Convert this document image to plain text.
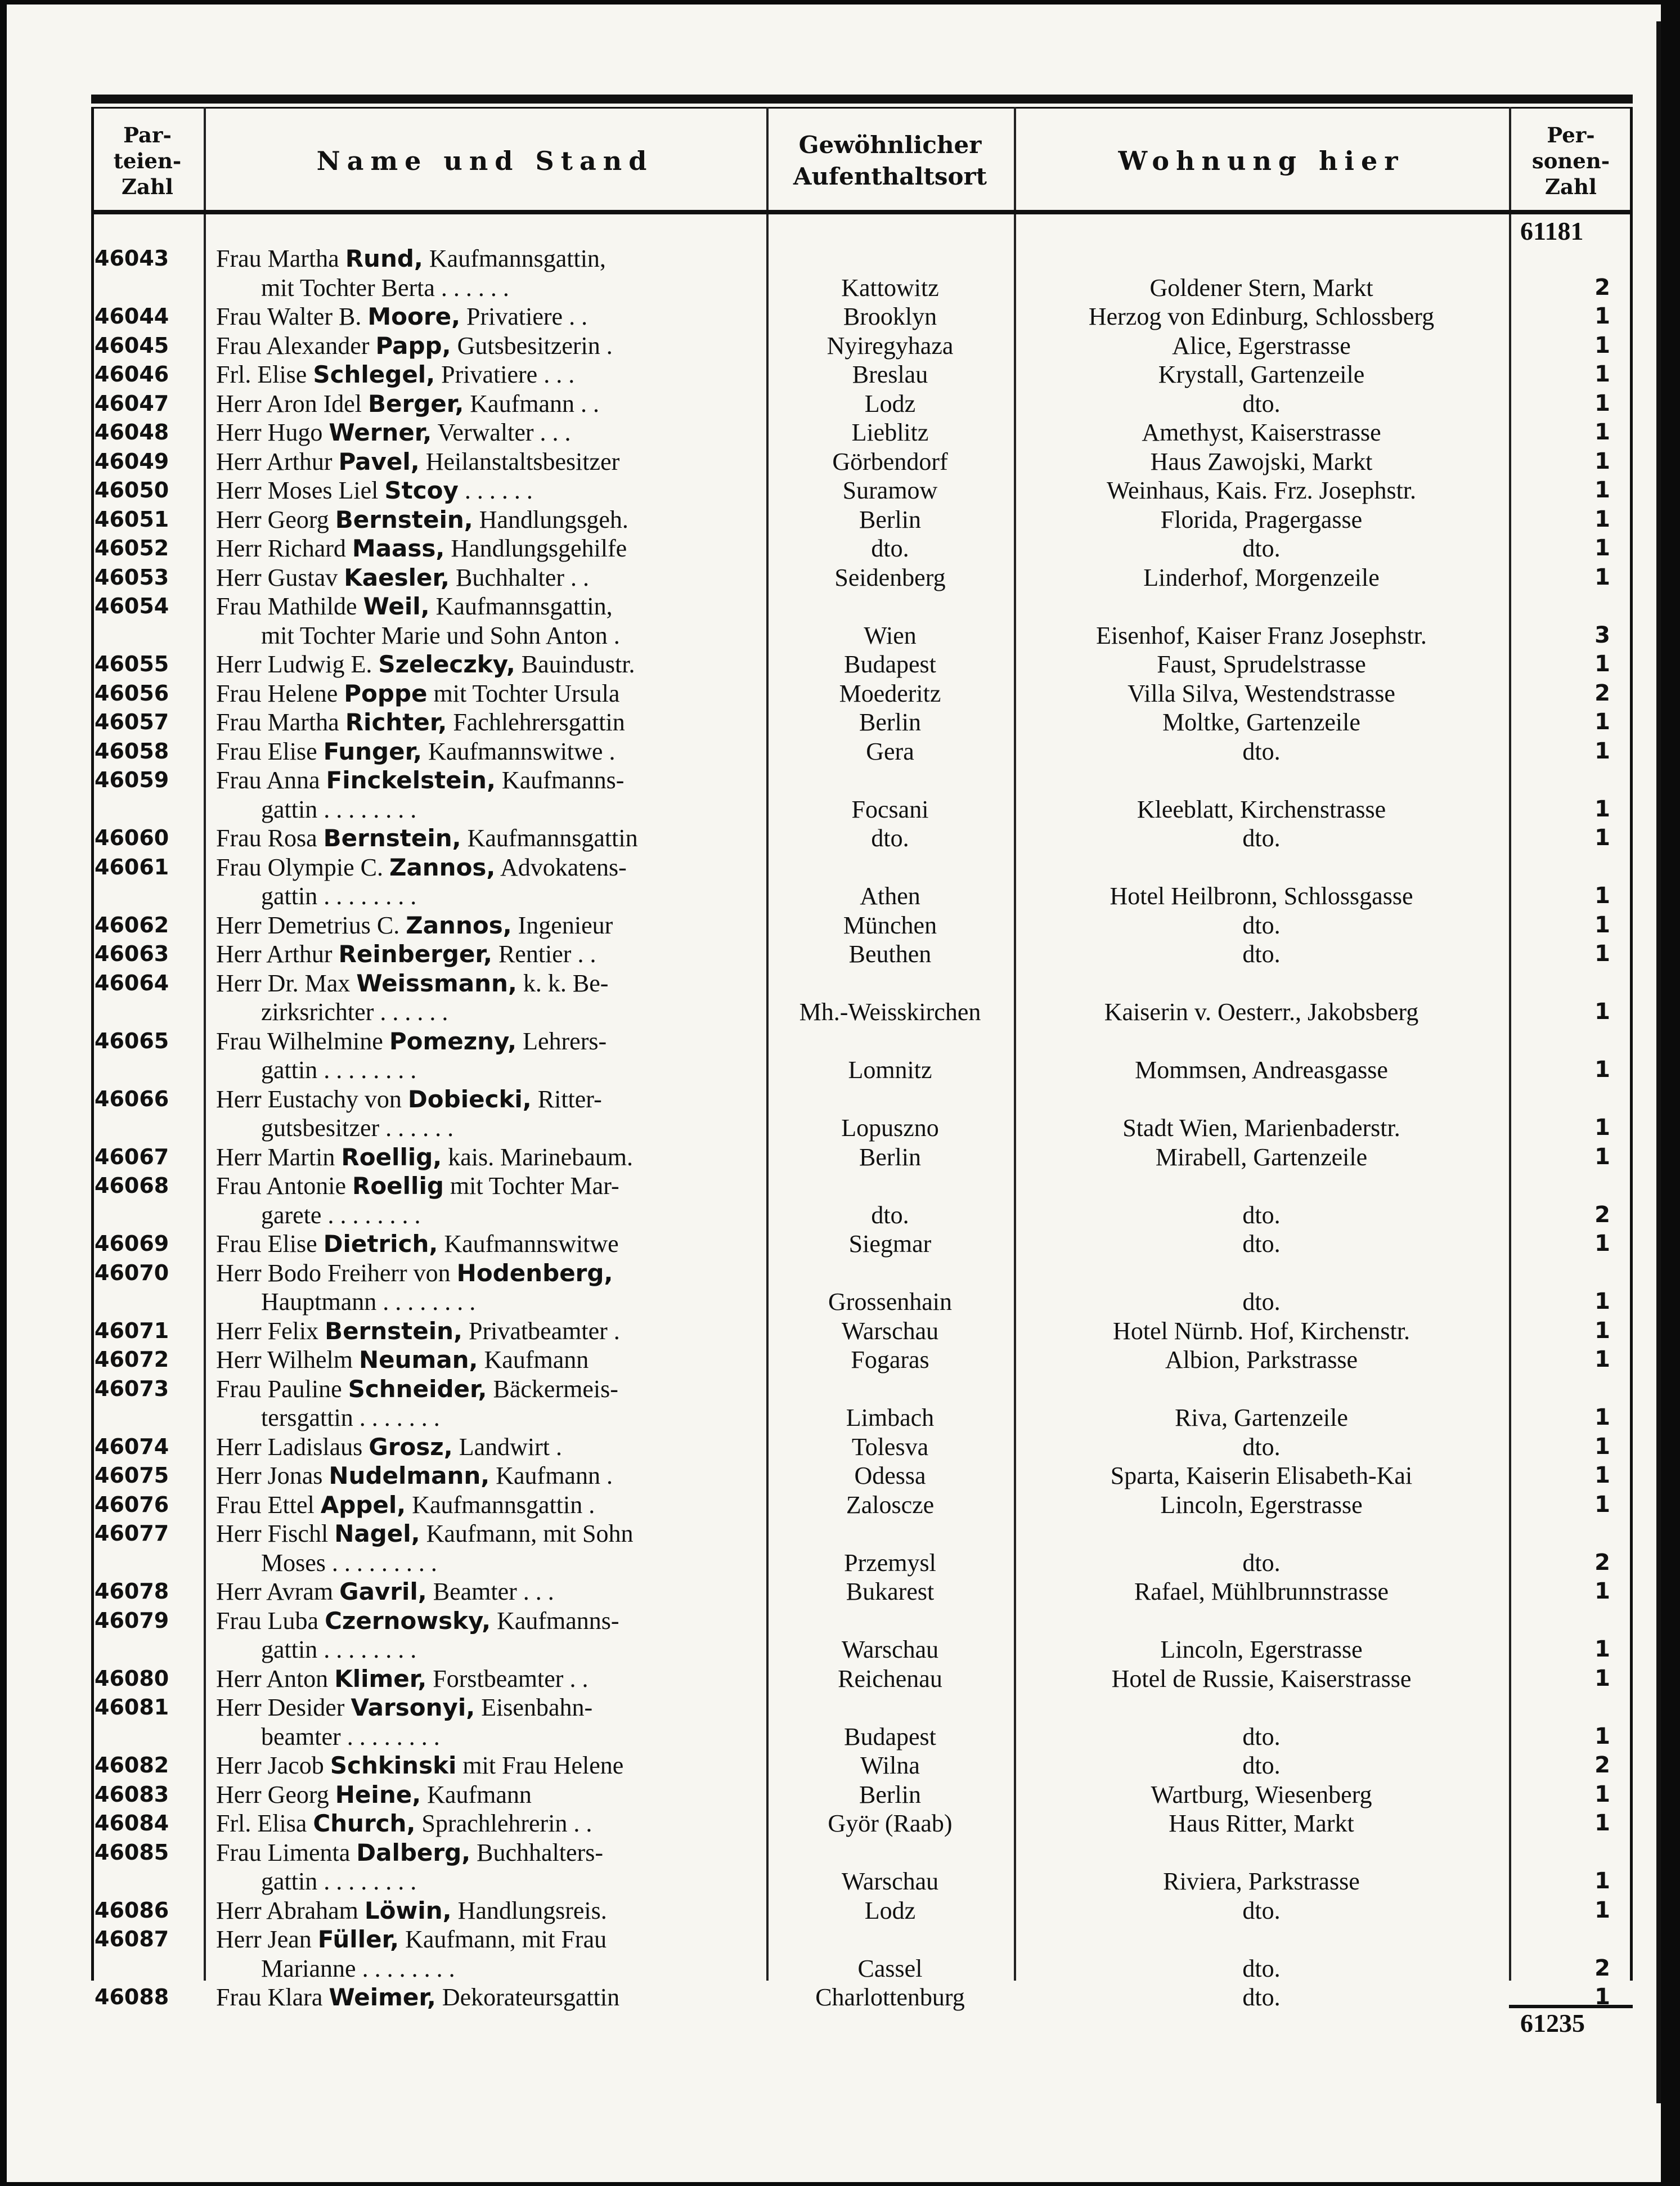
Par-
teien-
Zahl
Name und Stand
Gewöhnlicher
Aufenthaltsort
Wohnung hier
Per-
sonen-
Zahl
61181
46043	Frau Martha Rund, Kaufmannsgattin,
mit Tochter Berta . . . . . .	Kattowitz	Goldener Stern, Markt	2
46044	Frau Walter B. Moore, Privatiere . .	Brooklyn	Herzog von Edinburg, Schlossberg	1
46045	Frau Alexander Papp, Gutsbesitzerin .	Nyiregyhaza	Alice, Egerstrasse	1
46046	Frl. Elise Schlegel, Privatiere . . .	Breslau	Krystall, Gartenzeile	1
46047	Herr Aron Idel Berger, Kaufmann . .	Lodz	dto.	1
46048	Herr Hugo Werner, Verwalter . . .	Lieblitz	Amethyst, Kaiserstrasse	1
46049	Herr Arthur Pavel, Heilanstaltsbesitzer	Görbendorf	Haus Zawojski, Markt	1
46050	Herr Moses Liel Stcoy . . . . . .	Suramow	Weinhaus, Kais. Frz. Josephstr.	1
46051	Herr Georg Bernstein, Handlungsgeh.	Berlin	Florida, Pragergasse	1
46052	Herr Richard Maass, Handlungsgehilfe	dto.	dto.	1
46053	Herr Gustav Kaesler, Buchhalter . .	Seidenberg	Linderhof, Morgenzeile	1
46054	Frau Mathilde Weil, Kaufmannsgattin,
mit Tochter Marie und Sohn Anton .	Wien	Eisenhof, Kaiser Franz Josephstr.	3
46055	Herr Ludwig E. Szeleczky, Bauindustr.	Budapest	Faust, Sprudelstrasse	1
46056	Frau Helene Poppe mit Tochter Ursula	Moederitz	Villa Silva, Westendstrasse	2
46057	Frau Martha Richter, Fachlehrersgattin	Berlin	Moltke, Gartenzeile	1
46058	Frau Elise Funger, Kaufmannswitwe .	Gera	dto.	1
46059	Frau Anna Finckelstein, Kaufmanns-
gattin . . . . . . . .	Focsani	Kleeblatt, Kirchenstrasse	1
46060	Frau Rosa Bernstein, Kaufmannsgattin	dto.	dto.	1
46061	Frau Olympie C. Zannos, Advokatens-
gattin . . . . . . . .	Athen	Hotel Heilbronn, Schlossgasse	1
46062	Herr Demetrius C. Zannos, Ingenieur	München	dto.	1
46063	Herr Arthur Reinberger, Rentier . .	Beuthen	dto.	1
46064	Herr Dr. Max Weissmann, k. k. Be-
zirksrichter . . . . . .	Mh.-Weisskirchen	Kaiserin v. Oesterr., Jakobsberg	1
46065	Frau Wilhelmine Pomezny, Lehrers-
gattin . . . . . . . .	Lomnitz	Mommsen, Andreasgasse	1
46066	Herr Eustachy von Dobiecki, Ritter-
gutsbesitzer . . . . . .	Lopuszno	Stadt Wien, Marienbaderstr.	1
46067	Herr Martin Roellig, kais. Marinebaum.	Berlin	Mirabell, Gartenzeile	1
46068	Frau Antonie Roellig mit Tochter Mar-
garete . . . . . . . .	dto.	dto.	2
46069	Frau Elise Dietrich, Kaufmannswitwe	Siegmar	dto.	1
46070	Herr Bodo Freiherr von Hodenberg,
Hauptmann . . . . . . . .	Grossenhain	dto.	1
46071	Herr Felix Bernstein, Privatbeamter .	Warschau	Hotel Nürnb. Hof, Kirchenstr.	1
46072	Herr Wilhelm Neuman, Kaufmann	Fogaras	Albion, Parkstrasse	1
46073	Frau Pauline Schneider, Bäckermeis-
tersgattin . . . . . . .	Limbach	Riva, Gartenzeile	1
46074	Herr Ladislaus Grosz, Landwirt .	Tolesva	dto.	1
46075	Herr Jonas Nudelmann, Kaufmann .	Odessa	Sparta, Kaiserin Elisabeth-Kai	1
46076	Frau Ettel Appel, Kaufmannsgattin .	Zaloscze	Lincoln, Egerstrasse	1
46077	Herr Fischl Nagel, Kaufmann, mit Sohn
Moses . . . . . . . . .	Przemysl	dto.	2
46078	Herr Avram Gavril, Beamter . . .	Bukarest	Rafael, Mühlbrunnstrasse	1
46079	Frau Luba Czernowsky, Kaufmanns-
gattin . . . . . . . .	Warschau	Lincoln, Egerstrasse	1
46080	Herr Anton Klimer, Forstbeamter . .	Reichenau	Hotel de Russie, Kaiserstrasse	1
46081	Herr Desider Varsonyi, Eisenbahn-
beamter . . . . . . . .	Budapest	dto.	1
46082	Herr Jacob Schkinski mit Frau Helene	Wilna	dto.	2
46083	Herr Georg Heine, Kaufmann	Berlin	Wartburg, Wiesenberg	1
46084	Frl. Elisa Church, Sprachlehrerin . .	Györ (Raab)	Haus Ritter, Markt	1
46085	Frau Limenta Dalberg, Buchhalters-
gattin . . . . . . . .	Warschau	Riviera, Parkstrasse	1
46086	Herr Abraham Löwin, Handlungsreis.	Lodz	dto.	1
46087	Herr Jean Füller, Kaufmann, mit Frau
Marianne . . . . . . . .	Cassel	dto.	2
46088	Frau Klara Weimer, Dekorateursgattin	Charlottenburg	dto.	1
61235
